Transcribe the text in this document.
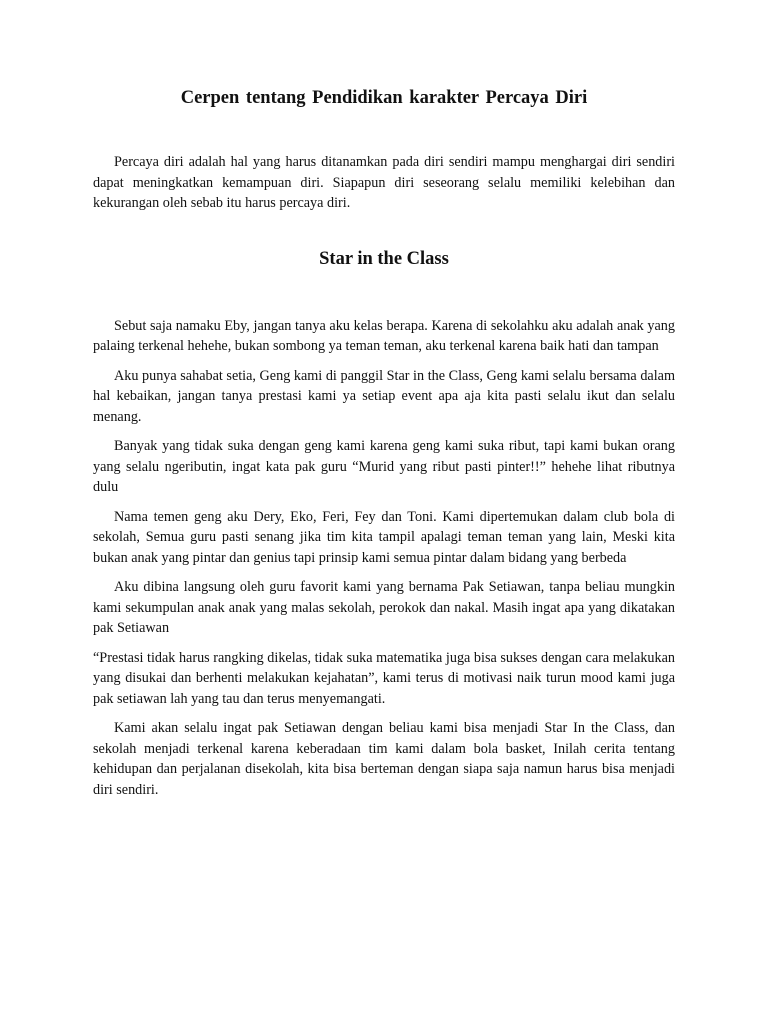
Cerpen tentang Pendidikan karakter Percaya Diri

Percaya diri adalah hal yang harus ditanamkan pada diri sendiri mampu menghargai diri sendiri dapat meningkatkan kemampuan diri. Siapapun diri seseorang selalu memiliki kelebihan dan kekurangan oleh sebab itu harus percaya diri.

Star in the Class

Sebut saja namaku Eby, jangan tanya aku kelas berapa. Karena di sekolahku aku adalah anak yang palaing terkenal hehehe, bukan sombong ya teman teman, aku terkenal karena baik hati dan tampan

Aku punya sahabat setia, Geng kami di panggil Star in the Class, Geng kami selalu bersama dalam hal kebaikan, jangan tanya prestasi kami ya setiap event apa aja kita pasti selalu ikut dan selalu menang.

Banyak yang tidak suka dengan geng kami karena geng kami suka ribut, tapi kami bukan orang yang selalu ngeributin, ingat kata pak guru “Murid yang ribut pasti pinter!!” hehehe lihat ributnya dulu

Nama temen geng aku Dery, Eko, Feri, Fey dan Toni. Kami dipertemukan dalam club bola di sekolah, Semua guru pasti senang jika tim kita tampil apalagi teman teman yang lain, Meski kita bukan anak yang pintar dan genius tapi prinsip kami semua pintar dalam bidang yang berbeda

Aku dibina langsung oleh guru favorit kami yang bernama Pak Setiawan, tanpa beliau mungkin kami sekumpulan anak anak yang malas sekolah, perokok dan nakal. Masih ingat apa yang dikatakan pak Setiawan

“Prestasi tidak harus rangking dikelas, tidak suka matematika juga bisa sukses dengan cara melakukan yang disukai dan berhenti melakukan kejahatan”, kami terus di motivasi naik turun mood kami juga pak setiawan lah yang tau dan terus menyemangati.

Kami akan selalu ingat pak Setiawan dengan beliau kami bisa menjadi Star In the Class, dan sekolah menjadi terkenal karena keberadaan tim kami dalam bola basket, Inilah cerita tentang kehidupan dan perjalanan disekolah, kita bisa berteman dengan siapa saja namun harus bisa menjadi diri sendiri.
